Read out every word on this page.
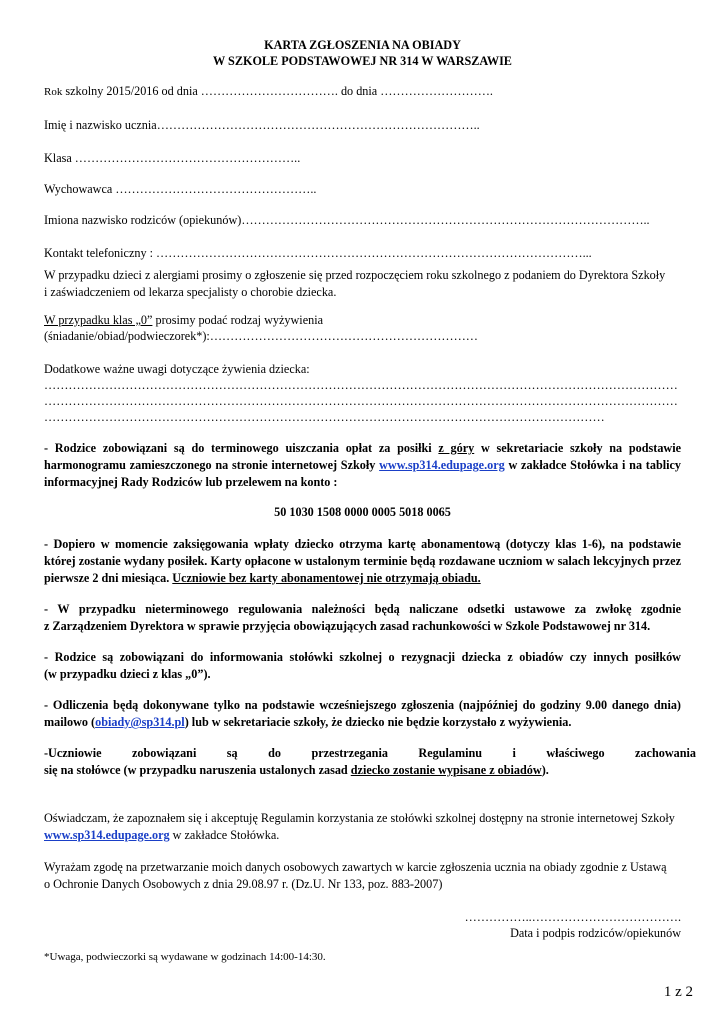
KARTA ZGŁOSZENIA NA OBIADY
W SZKOLE PODSTAWOWEJ NR 314 W WARSZAWIE
Rok szkolny 2015/2016 od dnia ……………………………. do dnia ……………………….
Imię i nazwisko ucznia……………………………………………………………………..
Klasa ………………………………………………..
Wychowawca …………………………………………..
Imiona nazwisko rodziców (opiekunów)………………………………………………………………………………………..
Kontakt telefoniczny : ……………………………………………………………………………………………...
W przypadku dzieci z alergiami prosimy o zgłoszenie się przed rozpoczęciem roku szkolnego z podaniem do Dyrektora Szkoły
i zaświadczeniem od lekarza specjalisty o chorobie dziecka.
W przypadku klas „0” prosimy podać rodzaj wyżywienia
(śniadanie/obiad/podwieczorek*):…………………………………………………………
Dodatkowe ważne uwagi dotyczące żywienia dziecka:
…………………………………………………………………………………………………………………………………………
…………………………………………………………………………………………………………………………………………
…………………………………………………………………………………………………………………………
- Rodzice zobowiązani są do terminowego uiszczania opłat za posiłki z góry w sekretariacie szkoły na podstawie
harmonogramu zamieszczonego na stronie internetowej Szkoły www.sp314.edupage.org w zakładce Stołówka i na tablicy
informacyjnej Rady Rodziców lub przelewem na konto :
50 1030 1508 0000 0005 5018 0065
- Dopiero w momencie zaksięgowania wpłaty dziecko otrzyma kartę abonamentową (dotyczy klas 1-6), na podstawie
której zostanie wydany posiłek. Karty opłacone w ustalonym terminie będą rozdawane uczniom w salach lekcyjnych przez
pierwsze 2 dni miesiąca. Uczniowie bez karty abonamentowej nie otrzymają obiadu.
- W przypadku nieterminowego regulowania należności będą naliczane odsetki ustawowe za zwłokę zgodnie
z Zarządzeniem Dyrektora w sprawie przyjęcia obowiązujących zasad rachunkowości w Szkole Podstawowej nr 314.
- Rodzice są zobowiązani do informowania stołówki szkolnej o rezygnacji dziecka z obiadów czy innych posiłków
(w przypadku dzieci z klas „0”).
- Odliczenia będą dokonywane tylko na podstawie wcześniejszego zgłoszenia (najpóźniej do godziny 9.00 danego dnia)
mailowo (obiady@sp314.pl) lub w sekretariacie szkoły, że dziecko nie będzie korzystało z wyżywienia.
-Uczniowie          zobowiązani          są          do          przestrzegania          Regulaminu          i          właściwego          zachowania
się na stołówce (w przypadku naruszenia ustalonych zasad dziecko zostanie wypisane z obiadów).
Oświadczam, że zapoznałem się i akceptuję Regulamin korzystania ze stołówki szkolnej dostępny na stronie internetowej Szkoły
www.sp314.edupage.org w zakładce Stołówka.
Wyrażam zgodę na przetwarzanie moich danych osobowych zawartych w karcie zgłoszenia ucznia na obiady zgodnie z Ustawą
o Ochronie Danych Osobowych z dnia 29.08.97 r. (Dz.U. Nr 133, poz. 883-2007)
……………..……………………………….
Data i podpis rodziców/opiekunów
*Uwaga, podwieczorki są wydawane w godzinach 14:00-14:30.
1 z 2
